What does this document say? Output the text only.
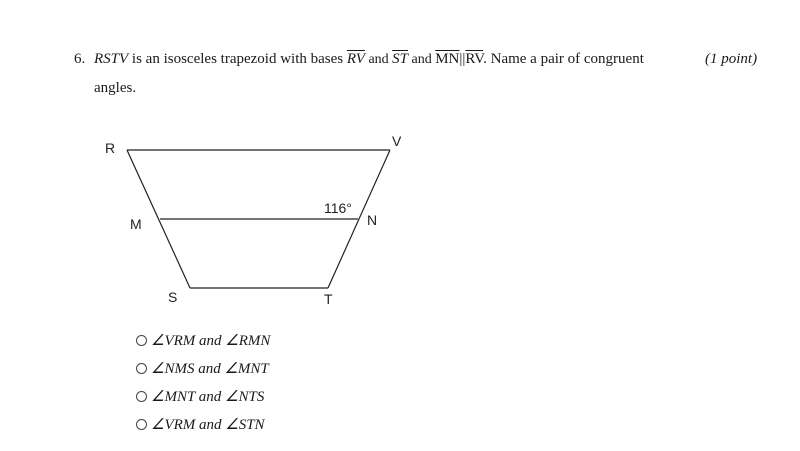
6. RSTV is an isosceles trapezoid with bases $\overline{RV}$ and $\overline{ST}$ and $\overline{MN}||\overline{RV}$. Name a pair of congruent	(1 point)
angles.
R	V
M	N
S	T
116°
∠VRM and ∠RMN
∠NMS and ∠MNT
∠MNT and ∠NTS
∠VRM and ∠STN
